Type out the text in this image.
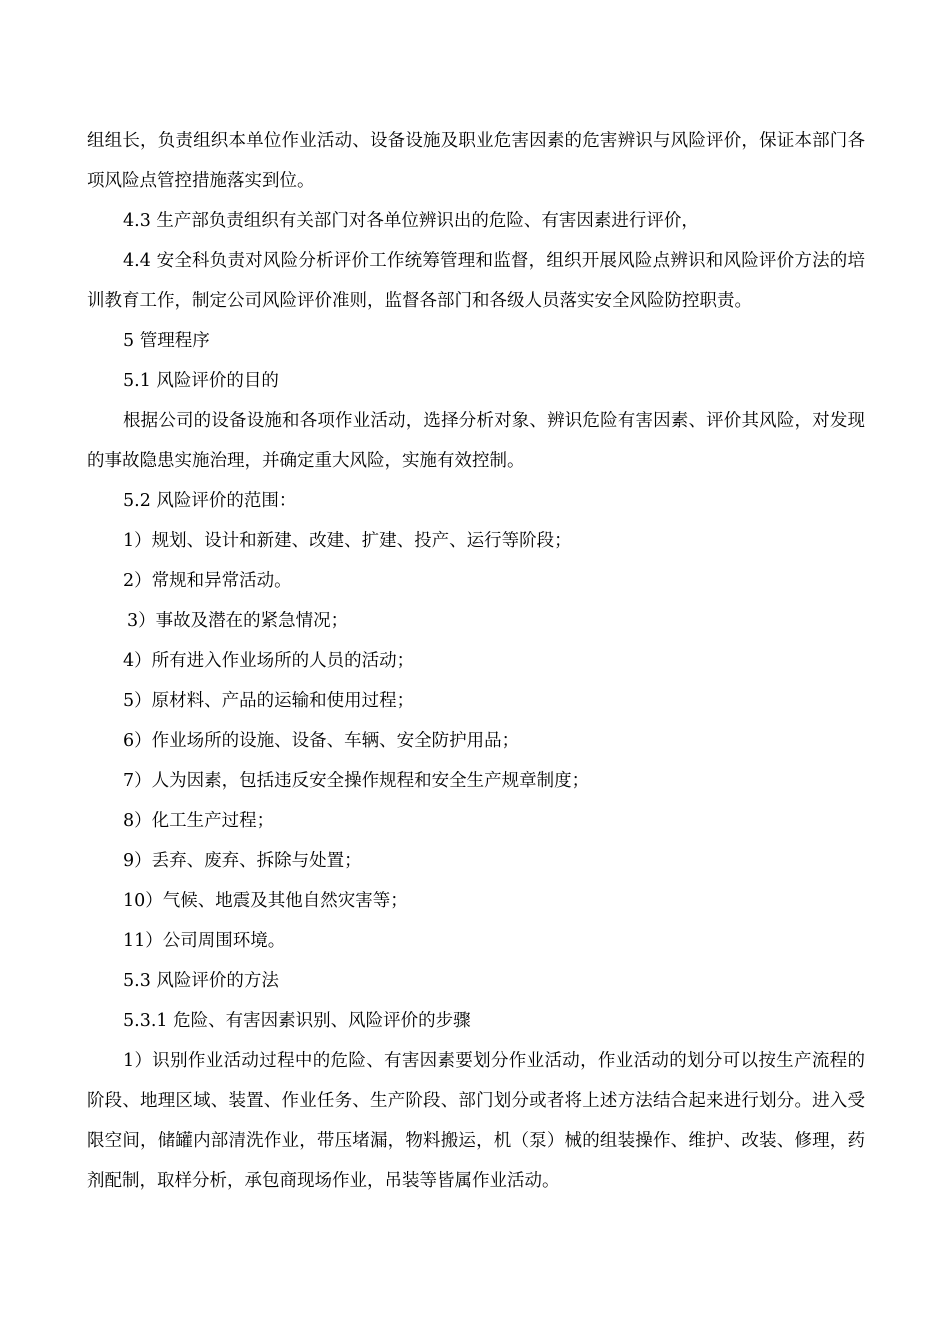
组组长，负责组织本单位作业活动、设备设施及职业危害因素的危害辨识与风险评价，保证本部门各项风险点管控措施落实到位。

4.3 生产部负责组织有关部门对各单位辨识出的危险、有害因素进行评价，

4.4 安全科负责对风险分析评价工作统筹管理和监督，组织开展风险点辨识和风险评价方法的培训教育工作，制定公司风险评价准则，监督各部门和各级人员落实安全风险防控职责。

5 管理程序

5.1 风险评价的目的

根据公司的设备设施和各项作业活动，选择分析对象、辨识危险有害因素、评价其风险，对发现的事故隐患实施治理，并确定重大风险，实施有效控制。

5.2 风险评价的范围：

1）规划、设计和新建、改建、扩建、投产、运行等阶段；

2）常规和异常活动。

3）事故及潜在的紧急情况；

4）所有进入作业场所的人员的活动；

5）原材料、产品的运输和使用过程；

6）作业场所的设施、设备、车辆、安全防护用品；

7）人为因素，包括违反安全操作规程和安全生产规章制度；

8）化工生产过程；

9）丢弃、废弃、拆除与处置；

10）气候、地震及其他自然灾害等；

11）公司周围环境。

5.3 风险评价的方法

5.3.1 危险、有害因素识别、风险评价的步骤

1）识别作业活动过程中的危险、有害因素要划分作业活动，作业活动的划分可以按生产流程的阶段、地理区域、装置、作业任务、生产阶段、部门划分或者将上述方法结合起来进行划分。进入受限空间，储罐内部清洗作业，带压堵漏，物料搬运，机（泵）械的组装操作、维护、改装、修理，药剂配制，取样分析，承包商现场作业，吊装等皆属作业活动。
